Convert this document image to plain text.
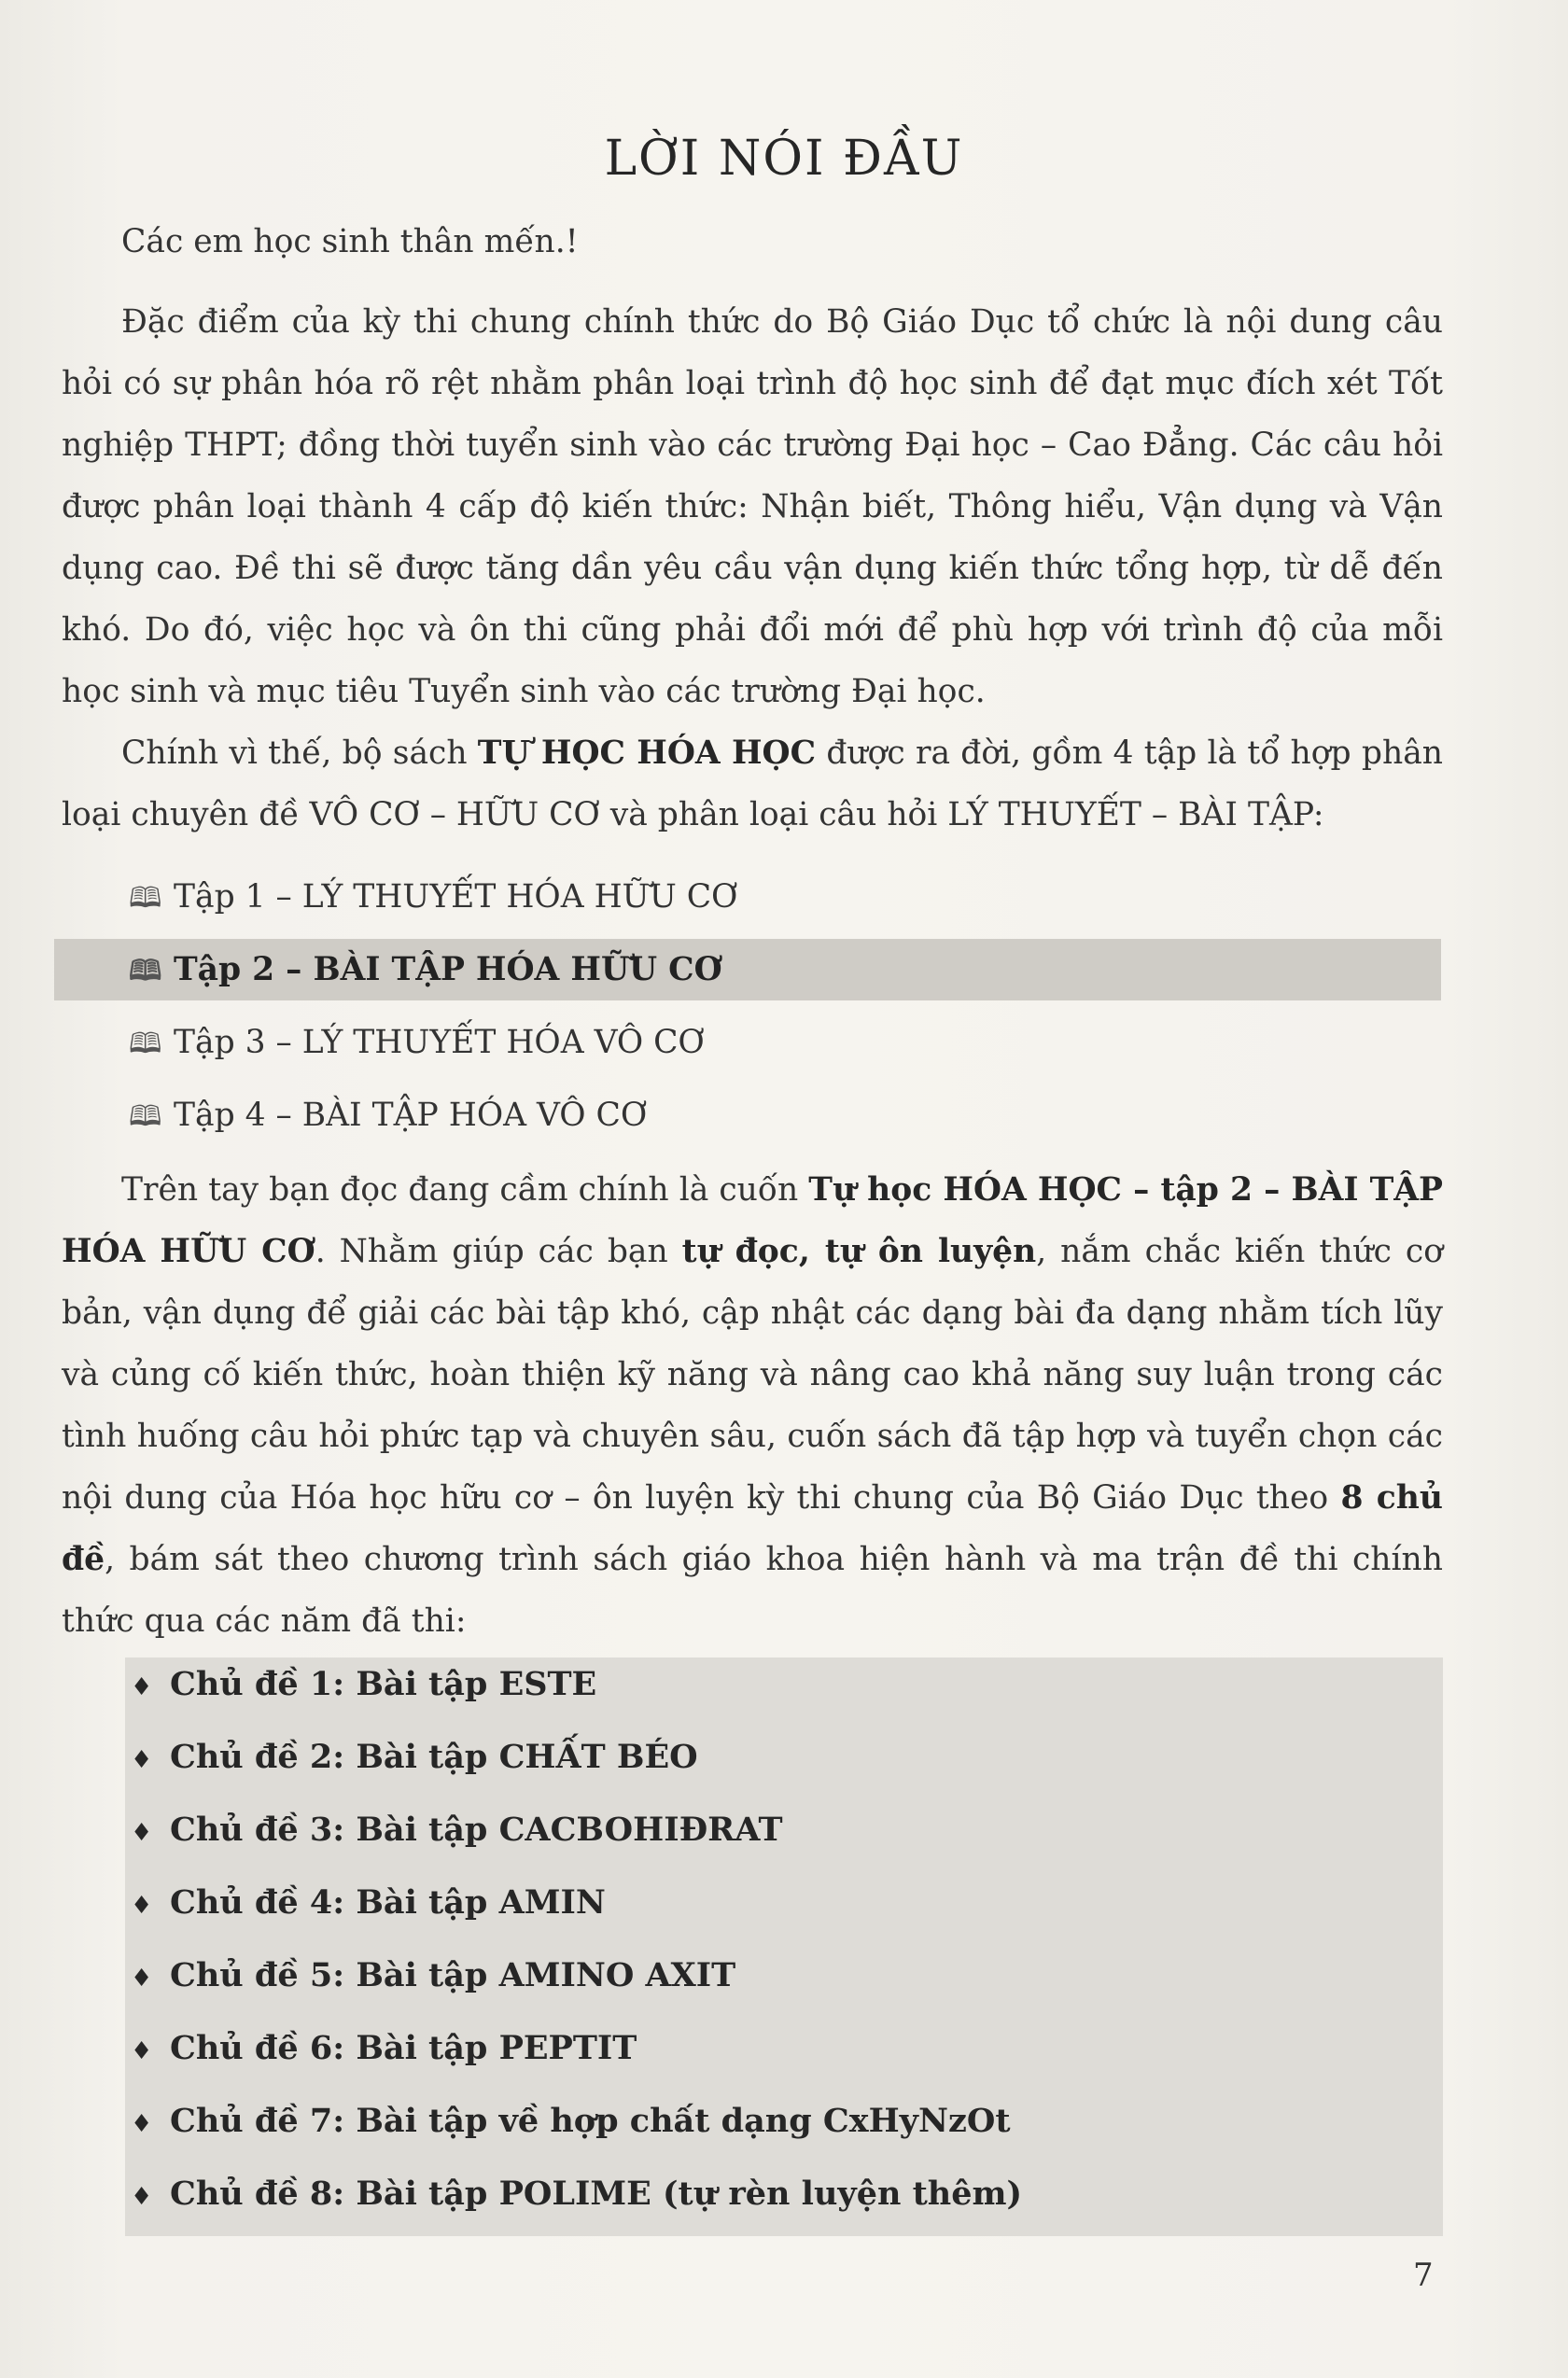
LỜI NÓI ĐẦU
Các em học sinh thân mến.!

Đặc điểm của kỳ thi chung chính thức do Bộ Giáo Dục tổ chức là nội dung câu hỏi có sự phân hóa rõ rệt nhằm phân loại trình độ học sinh để đạt mục đích xét Tốt nghiệp THPT; đồng thời tuyển sinh vào các trường Đại học – Cao Đẳng. Các câu hỏi được phân loại thành 4 cấp độ kiến thức: Nhận biết, Thông hiểu, Vận dụng và Vận dụng cao. Đề thi sẽ được tăng dần yêu cầu vận dụng kiến thức tổng hợp, từ dễ đến khó. Do đó, việc học và ôn thi cũng phải đổi mới để phù hợp với trình độ của mỗi học sinh và mục tiêu Tuyển sinh vào các trường Đại học.

Chính vì thế, bộ sách TỰ HỌC HÓA HỌC được ra đời, gồm 4 tập là tổ hợp phân loại chuyên đề VÔ CƠ – HỮU CƠ và phân loại câu hỏi LÝ THUYẾT – BÀI TẬP:

🕮 Tập 1 – LÝ THUYẾT HÓA HỮU CƠ
🕮 Tập 2 – BÀI TẬP HÓA HỮU CƠ
🕮 Tập 3 – LÝ THUYẾT HÓA VÔ CƠ
🕮 Tập 4 – BÀI TẬP HÓA VÔ CƠ

Trên tay bạn đọc đang cầm chính là cuốn Tự học HÓA HỌC – tập 2 – BÀI TẬP HÓA HỮU CƠ. Nhằm giúp các bạn tự đọc, tự ôn luyện, nắm chắc kiến thức cơ bản, vận dụng để giải các bài tập khó, cập nhật các dạng bài đa dạng nhằm tích lũy và củng cố kiến thức, hoàn thiện kỹ năng và nâng cao khả năng suy luận trong các tình huống câu hỏi phức tạp và chuyên sâu, cuốn sách đã tập hợp và tuyển chọn các nội dung của Hóa học hữu cơ – ôn luyện kỳ thi chung của Bộ Giáo Dục theo 8 chủ đề, bám sát theo chương trình sách giáo khoa hiện hành và ma trận đề thi chính thức qua các năm đã thi:

♦ Chủ đề 1: Bài tập ESTE
♦ Chủ đề 2: Bài tập CHẤT BÉO
♦ Chủ đề 3: Bài tập CACBOHIĐRAT
♦ Chủ đề 4: Bài tập AMIN
♦ Chủ đề 5: Bài tập AMINO AXIT
♦ Chủ đề 6: Bài tập PEPTIT
♦ Chủ đề 7: Bài tập về hợp chất dạng CxHyNzOt
♦ Chủ đề 8: Bài tập POLIME (tự rèn luyện thêm)
7
